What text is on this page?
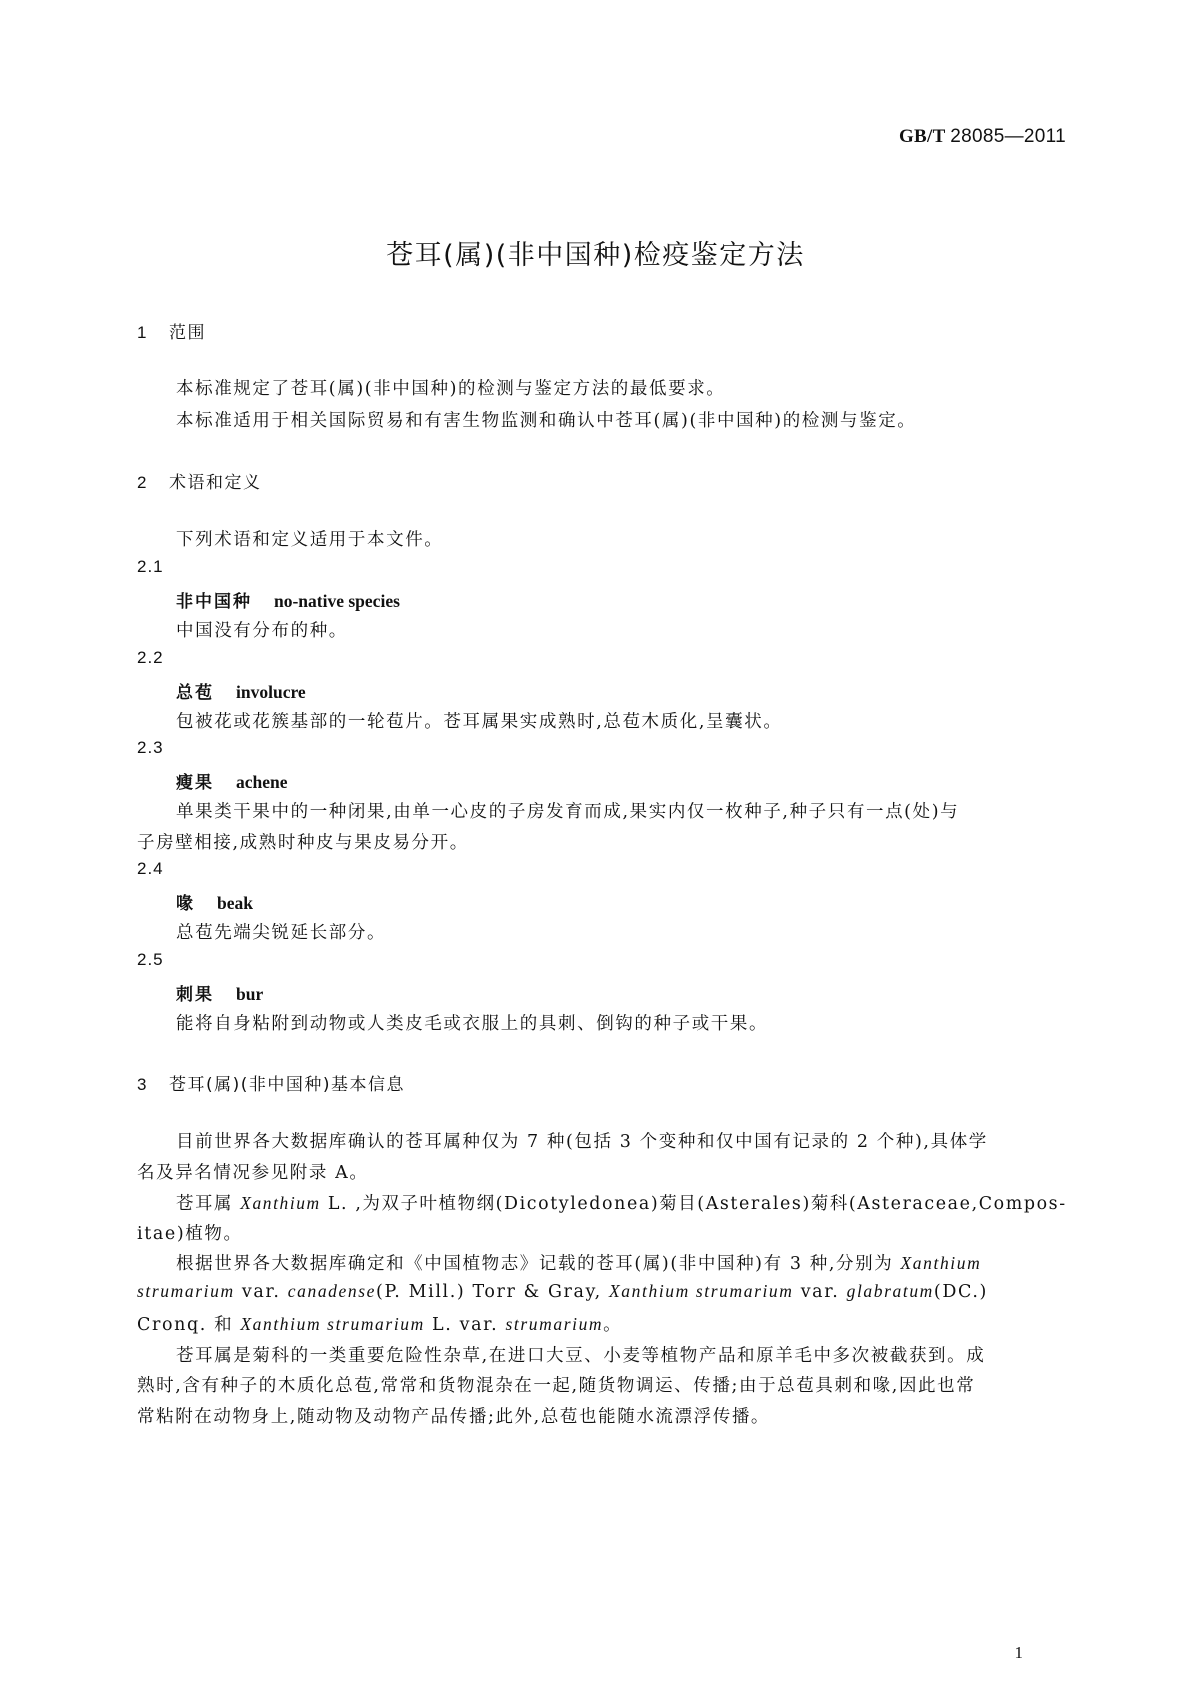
GB/T 28085—2011
苍耳(属)(非中国种)检疫鉴定方法
1 范围
本标准规定了苍耳(属)(非中国种)的检测与鉴定方法的最低要求。
本标准适用于相关国际贸易和有害生物监测和确认中苍耳(属)(非中国种)的检测与鉴定。
2 术语和定义
下列术语和定义适用于本文件。
2.1
非中国种 no-native species
中国没有分布的种。
2.2
总苞 involucre
包被花或花簇基部的一轮苞片。苍耳属果实成熟时,总苞木质化,呈囊状。
2.3
瘦果 achene
单果类干果中的一种闭果,由单一心皮的子房发育而成,果实内仅一枚种子,种子只有一点(处)与
子房壁相接,成熟时种皮与果皮易分开。
2.4
喙 beak
总苞先端尖锐延长部分。
2.5
刺果 bur
能将自身粘附到动物或人类皮毛或衣服上的具刺、倒钩的种子或干果。
3 苍耳(属)(非中国种)基本信息
目前世界各大数据库确认的苍耳属种仅为 7 种(包括 3 个变种和仅中国有记录的 2 个种),具体学
名及异名情况参见附录 A。
苍耳属 Xanthium L. ,为双子叶植物纲(Dicotyledonea)菊目(Asterales)菊科(Asteraceae,Compos-
itae)植物。
根据世界各大数据库确定和《中国植物志》记载的苍耳(属)(非中国种)有 3 种,分别为 Xanthium
strumarium var. canadense(P. Mill.) Torr & Gray, Xanthium strumarium var. glabratum(DC.)
Cronq. 和 Xanthium strumarium L. var. strumarium。
苍耳属是菊科的一类重要危险性杂草,在进口大豆、小麦等植物产品和原羊毛中多次被截获到。成
熟时,含有种子的木质化总苞,常常和货物混杂在一起,随货物调运、传播;由于总苞具刺和喙,因此也常
常粘附在动物身上,随动物及动物产品传播;此外,总苞也能随水流漂浮传播。
1
